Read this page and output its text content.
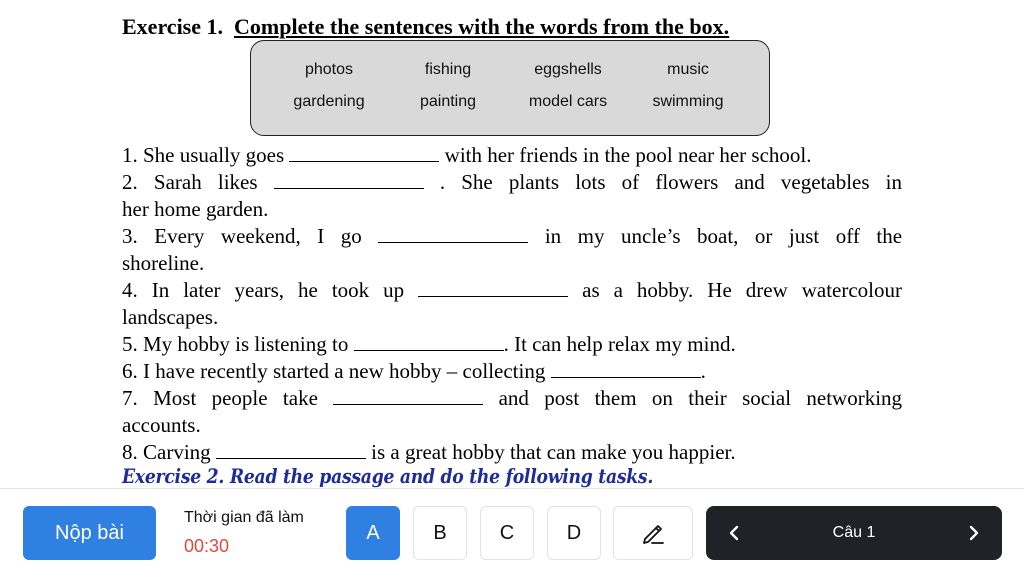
Exercise 1. Complete the sentences with the words from the box.
photos	fishing	eggshells	music
gardening	painting	model cars	swimming
1. She usually goes	with her friends in the pool near her school.
2. Sarah likes	. She plants lots of flowers and vegetables in
her home garden.
3. Every weekend, I go	in my uncle’s boat, or just off the
shoreline.
4. In later years, he took up	as a hobby. He drew watercolour
landscapes.
5. My hobby is listening to	. It can help relax my mind.
6. I have recently started a new hobby – collecting	.
7. Most people take	and post them on their social networking
accounts.
8. Carving	is a great hobby that can make you happier.
Exercise 2. Read the passage and do the following tasks.
Nộp bài
Thời gian đã làm
00:30
A	B	C	D	Câu 1
